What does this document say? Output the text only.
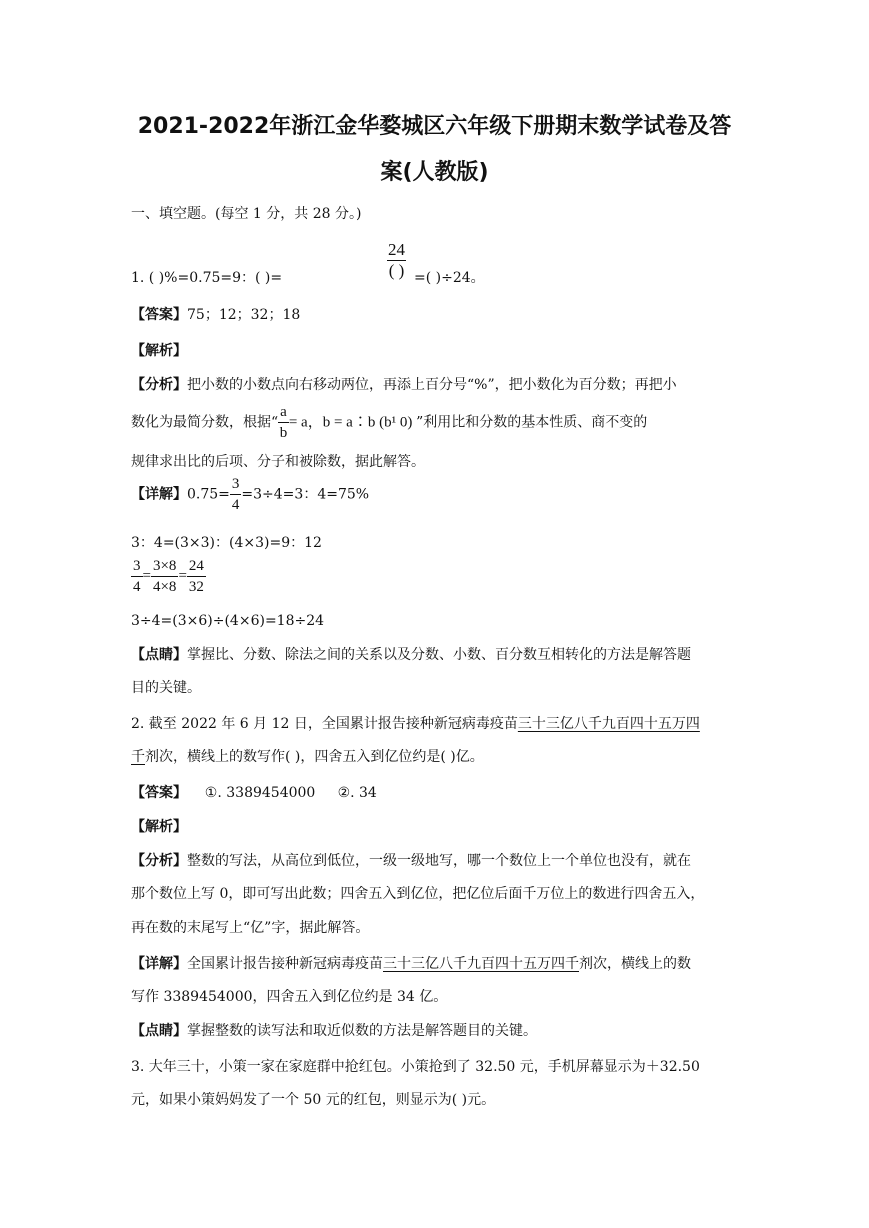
2021-2022年浙江金华婺城区六年级下册期末数学试卷及答
案(人教版)
一、填空题。(每空 1 分，共 28 分。)
1. ( )%=0.75=9：( )=
24
( ) =( )÷24。
【答案】75；12；32；18
【解析】
【分析】把小数的小数点向右移动两位，再添上百分号“%”，把小数化为百分数；再把小
数化为最简分数，根据“ $\frac{a}{b} = a$，b = a∶b (b¹ 0) ”利用比和分数的基本性质、商不变的
规律求出比的后项、分子和被除数，据此解答。
【详解】$0.75= \frac{3}{4} =3\div 4=3$：4=75%
3：4=(3×3)：(4×3)=9：12
$\frac{3}{4} = \frac{3\times 8}{4\times 8} = \frac{24}{32}$
3÷4=(3×6)÷(4×6)=18÷24
【点睛】掌握比、分数、除法之间的关系以及分数、小数、百分数互相转化的方法是解答题
目的关键。
2. 截至 2022 年 6 月 12 日，全国累计报告接种新冠病毒疫苗三十三亿八千九百四十五万四
千剂次，横线上的数写作( )，四舍五入到亿位约是( )亿。
【答案】    ①. 3389454000     ②. 34
【解析】
【分析】整数的写法，从高位到低位，一级一级地写，哪一个数位上一个单位也没有，就在
那个数位上写 0，即可写出此数；四舍五入到亿位，把亿位后面千万位上的数进行四舍五入，
再在数的末尾写上“亿”字，据此解答。
【详解】全国累计报告接种新冠病毒疫苗三十三亿八千九百四十五万四千剂次，横线上的数
写作 3389454000，四舍五入到亿位约是 34 亿。
【点睛】掌握整数的读写法和取近似数的方法是解答题目的关键。
3. 大年三十，小策一家在家庭群中抢红包。小策抢到了 32.50 元，手机屏幕显示为＋32.50
元，如果小策妈妈发了一个 50 元的红包，则显示为( )元。
